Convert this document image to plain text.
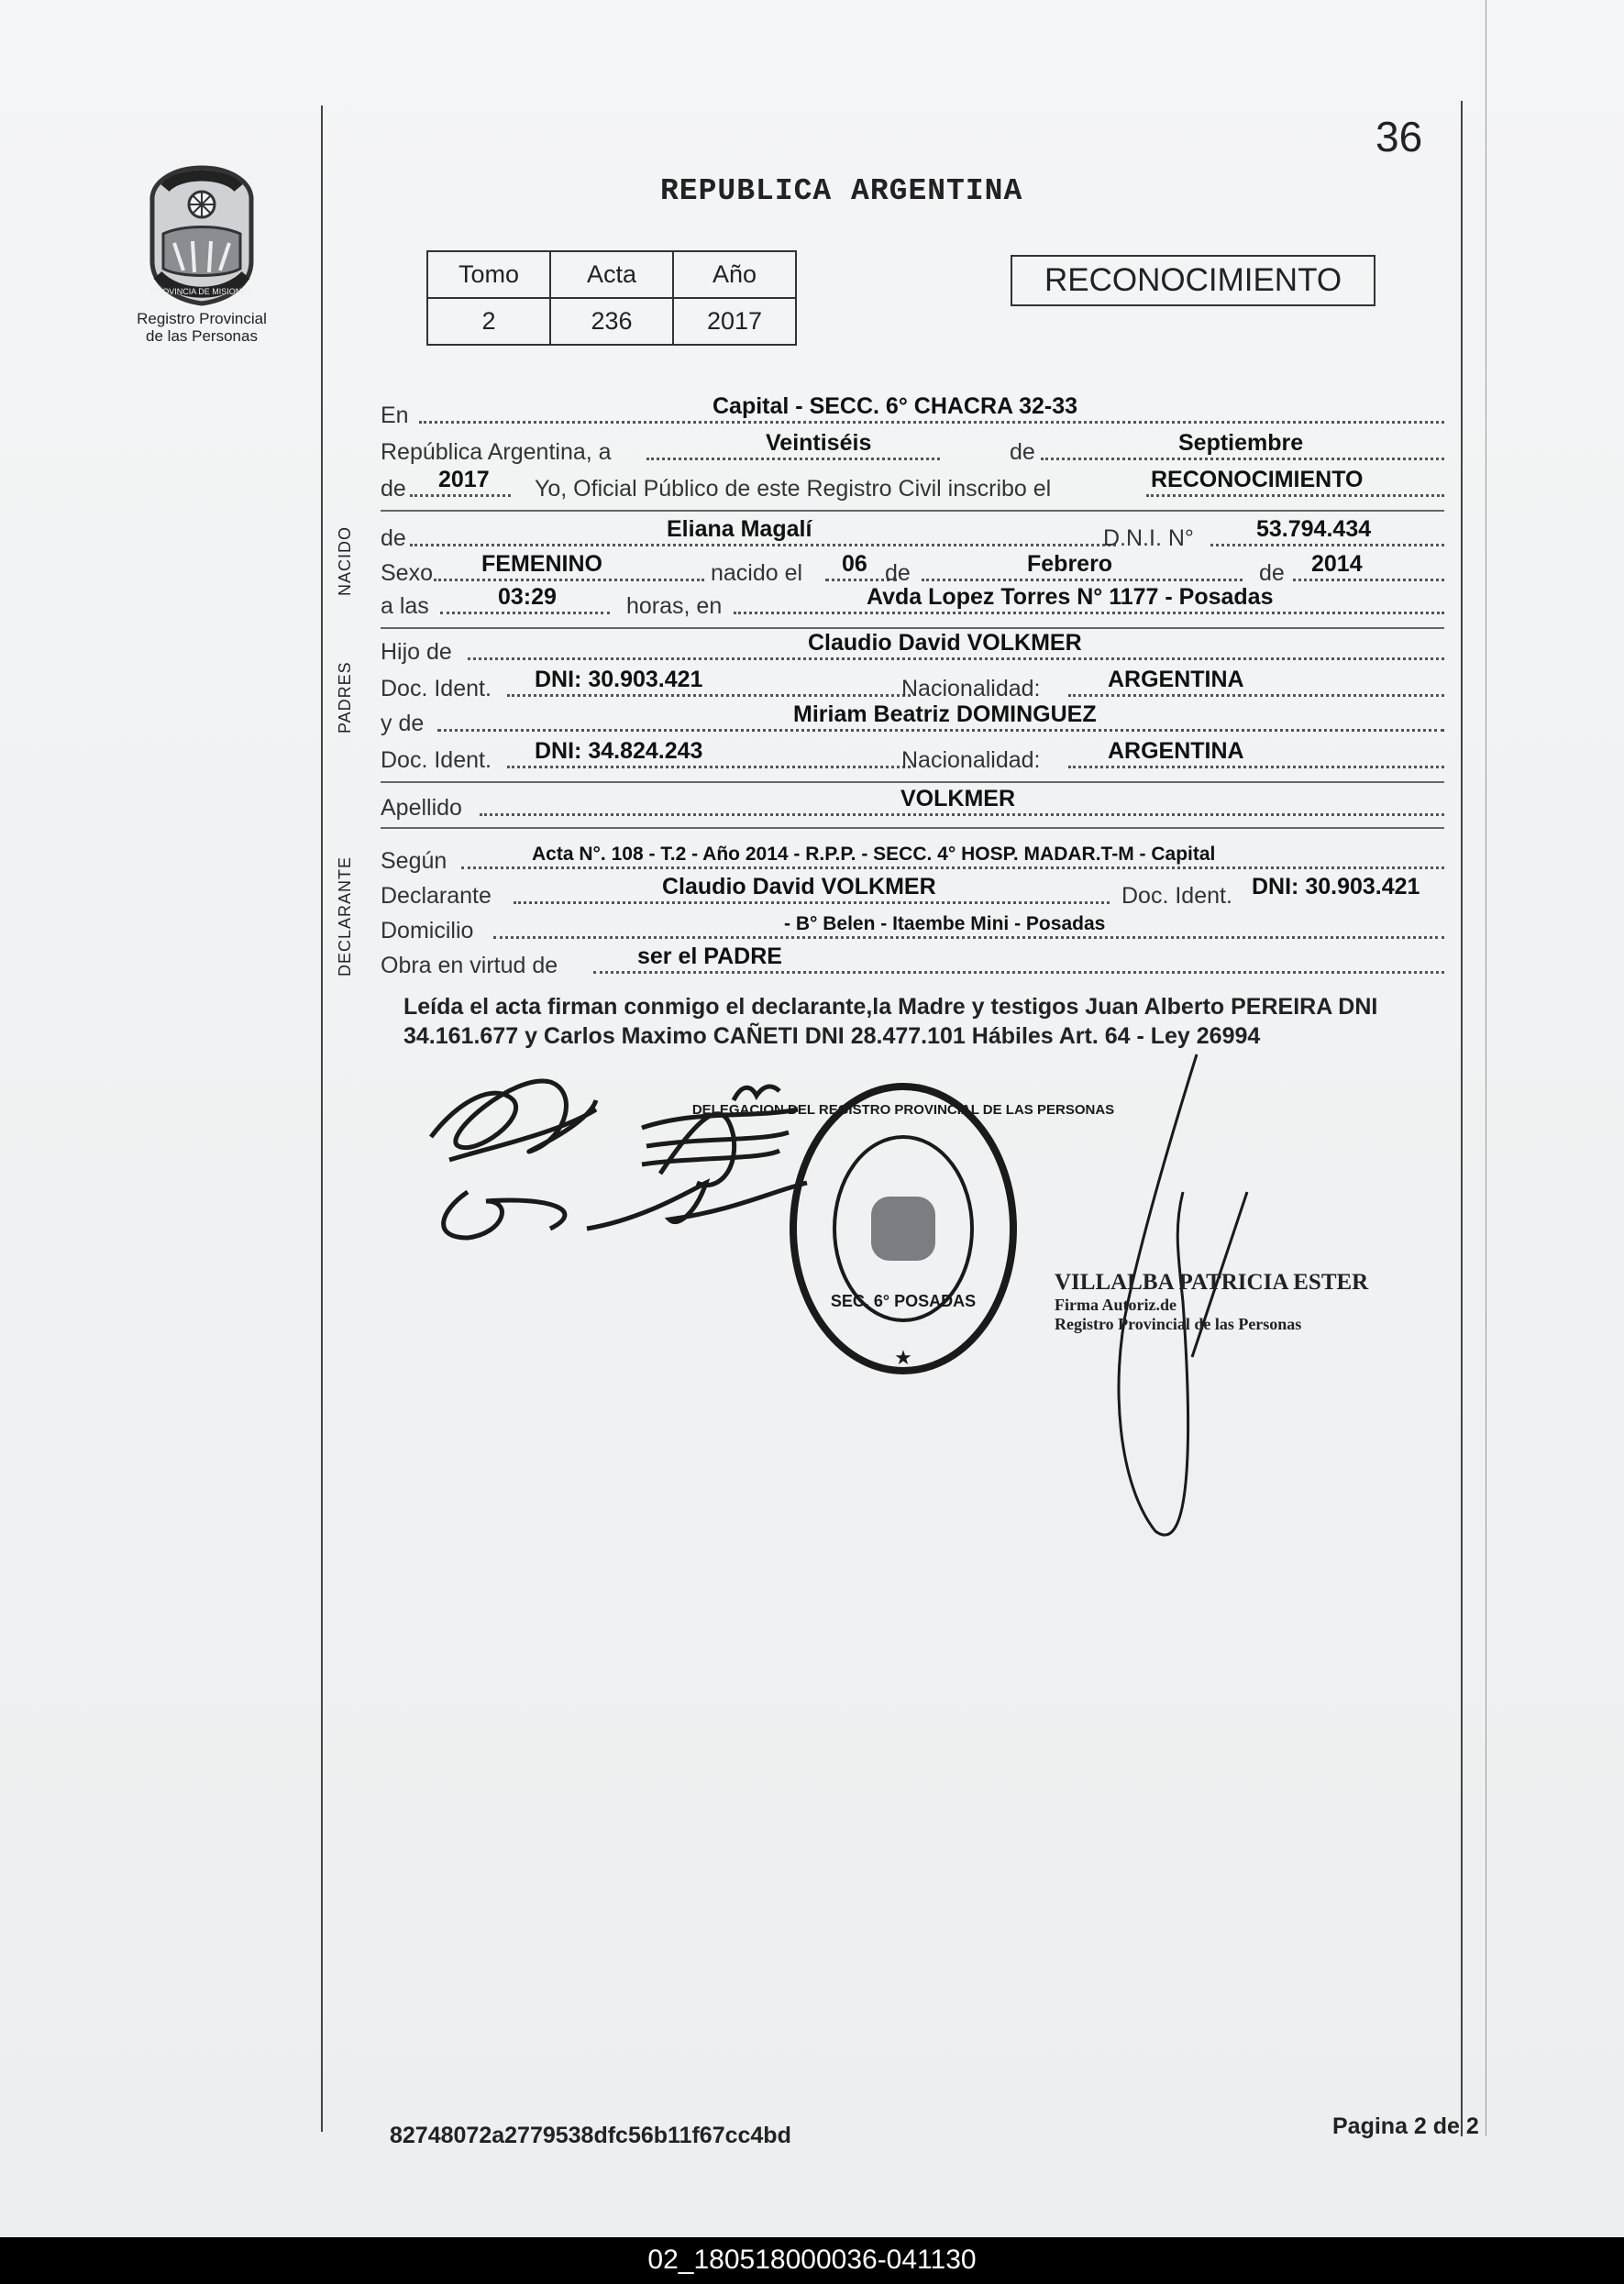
PROVINCIA DE MISIONES
Registro Provincial
de las Personas
36
REPUBLICA ARGENTINA
Tomo	Acta	Año
2	236	2017
RECONOCIMIENTO
En	Capital - SECC. 6° CHACRA 32-33
República Argentina, a	Veintiséis	de	Septiembre
de 2017 Yo, Oficial Público de este Registro Civil inscribo el	RECONOCIMIENTO
NACIDO de	Eliana Magalí	D.N.I. N°	53.794.434
Sexo FEMENINO	nacido el 06 de	Febrero	de 2014
a las	03:29	horas, en	Avda Lopez Torres N° 1177 - Posadas
PADRES
Hijo de	Claudio David VOLKMER
Doc. Ident. DNI: 30.903.421	Nacionalidad:	ARGENTINA
y de	Miriam Beatriz DOMINGUEZ
Doc. Ident. DNI: 34.824.243	Nacionalidad:	ARGENTINA
Apellido	VOLKMER
DECLARANTE Según	Acta N°. 108 - T.2 - Año 2014 - R.P.P. - SECC. 4° HOSP. MADAR.T-M - Capital
Declarante	Claudio David VOLKMER	Doc. Ident. DNI: 30.903.421
Domicilio	- B° Belen - Itaembe Mini - Posadas
Obra en virtud de	ser el PADRE
Leída el acta firman conmigo el declarante,la Madre y testigos Juan Alberto PEREIRA DNI 34.161.677 y Carlos Maximo CAÑETI DNI 28.477.101 Hábiles Art. 64 - Ley 26994
SEC. 6° POSADAS
DELEGACION DEL REGISTRO PROVINCIAL DE LAS PERSONAS
★
VILLALBA PATRICIA ESTER
Firma Autoriz.de
Registro Provincial de las Personas
82748072a2779538dfc56b11f67cc4bd	Pagina 2 de 2
02_180518000036-041130
